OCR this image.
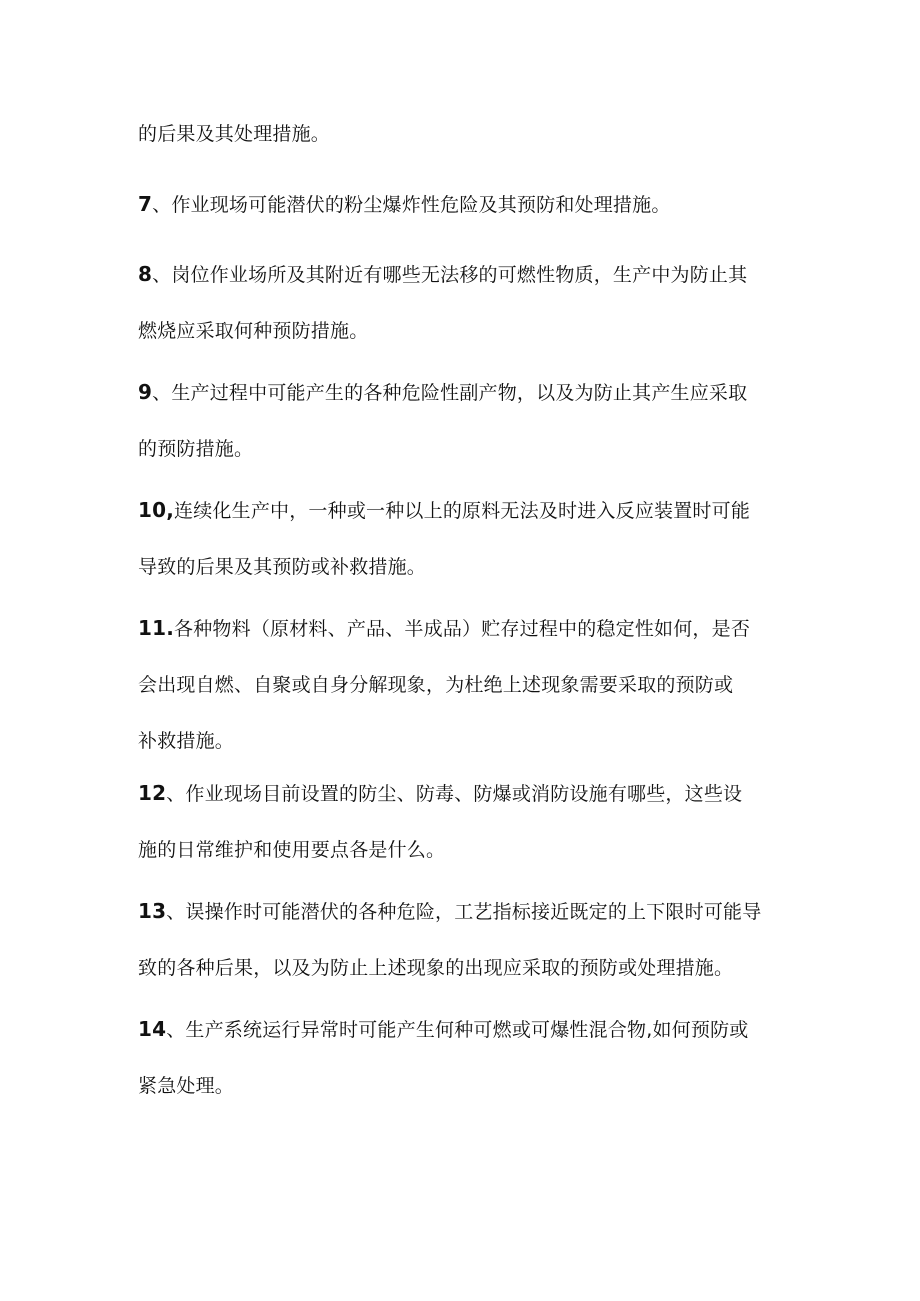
的后果及其处理措施。

7、作业现场可能潜伏的粉尘爆炸性危险及其预防和处理措施。

8、岗位作业场所及其附近有哪些无法移的可燃性物质，生产中为防止其
燃烧应采取何种预防措施。

9、生产过程中可能产生的各种危险性副产物，以及为防止其产生应采取
的预防措施。

10,连续化生产中，一种或一种以上的原料无法及时进入反应装置时可能
导致的后果及其预防或补救措施。

11.各种物料（原材料、产品、半成品）贮存过程中的稳定性如何，是否
会出现自燃、自聚或自身分解现象，为杜绝上述现象需要采取的预防或
补救措施。

12、作业现场目前设置的防尘、防毒、防爆或消防设施有哪些，这些设
施的日常维护和使用要点各是什么。

13、误操作时可能潜伏的各种危险，工艺指标接近既定的上下限时可能导
致的各种后果，以及为防止上述现象的出现应采取的预防或处理措施。

14、生产系统运行异常时可能产生何种可燃或可爆性混合物,如何预防或
紧急处理。
